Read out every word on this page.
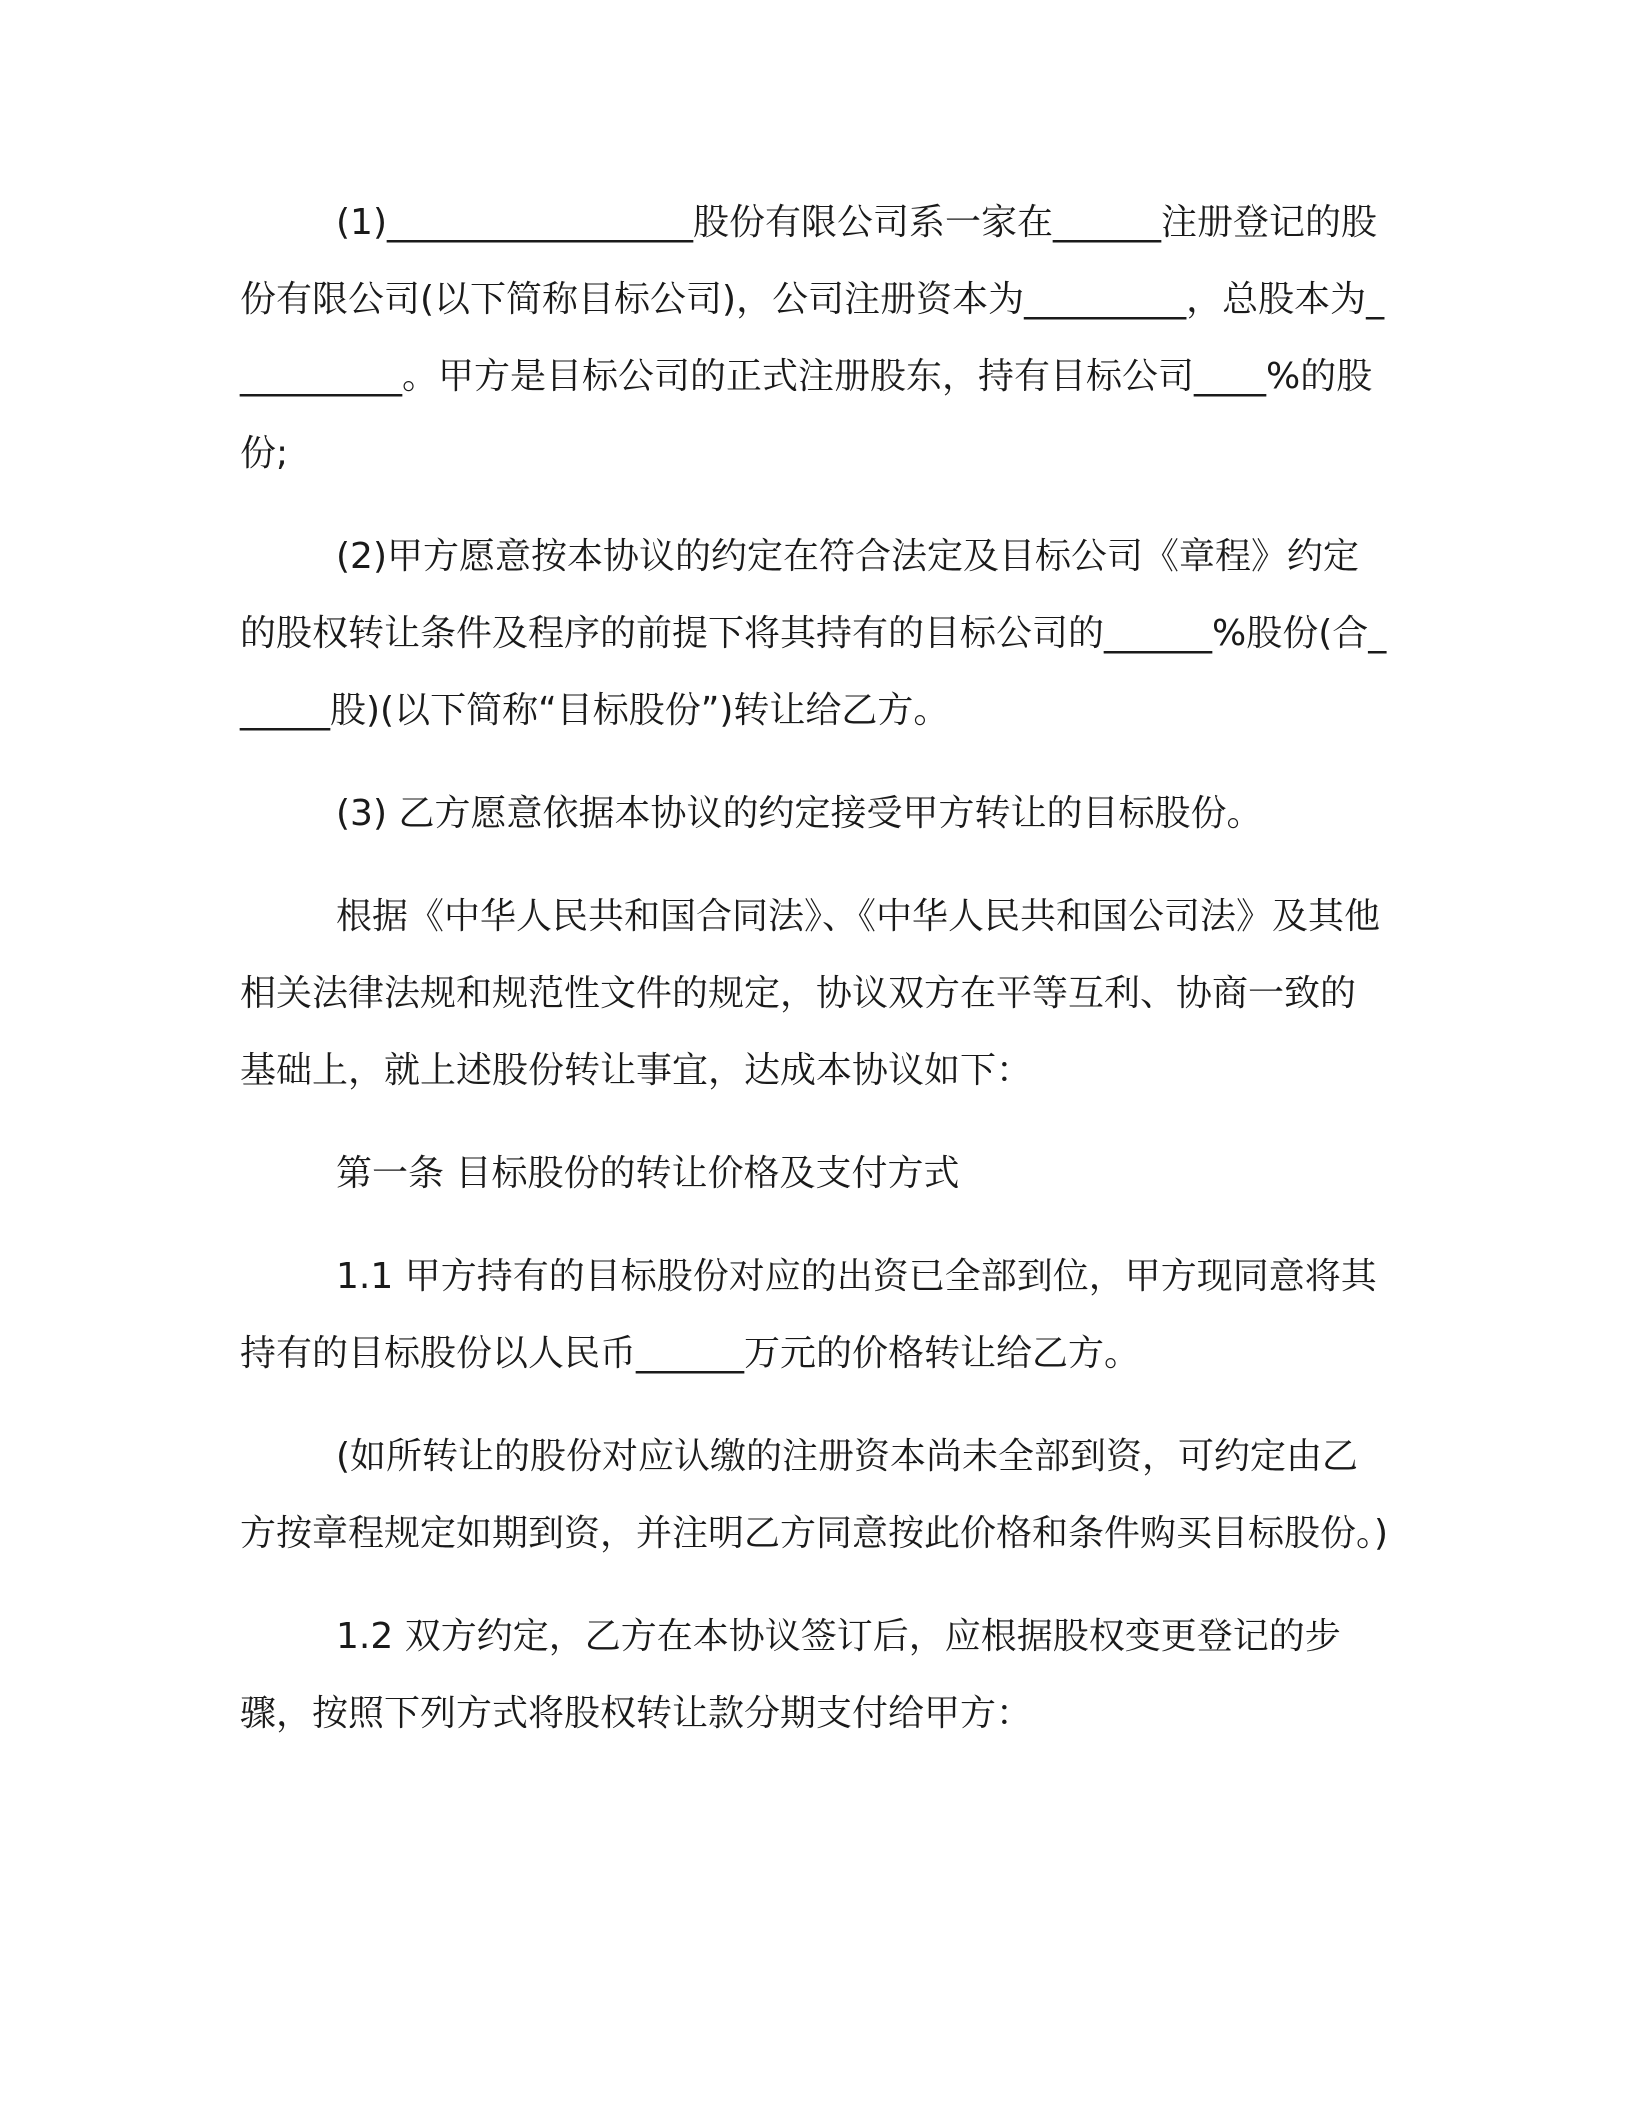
(1)_________________股份有限公司系一家在______注册登记的股份有限公司(以下简称目标公司)，公司注册资本为_________，总股本为__________。甲方是目标公司的正式注册股东，持有目标公司____%的股份;

(2)甲方愿意按本协议的约定在符合法定及目标公司《章程》约定的股权转让条件及程序的前提下将其持有的目标公司的______%股份(合______股)(以下简称“目标股份”)转让给乙方。

(3) 乙方愿意依据本协议的约定接受甲方转让的目标股份。

根据《中华人民共和国合同法》、《中华人民共和国公司法》及其他相关法律法规和规范性文件的规定，协议双方在平等互利、协商一致的基础上，就上述股份转让事宜，达成本协议如下：

第一条 目标股份的转让价格及支付方式

1.1 甲方持有的目标股份对应的出资已全部到位，甲方现同意将其持有的目标股份以人民币______万元的价格转让给乙方。

(如所转让的股份对应认缴的注册资本尚未全部到资，可约定由乙方按章程规定如期到资，并注明乙方同意按此价格和条件购买目标股份。)

1.2 双方约定，乙方在本协议签订后，应根据股权变更登记的步骤，按照下列方式将股权转让款分期支付给甲方：
